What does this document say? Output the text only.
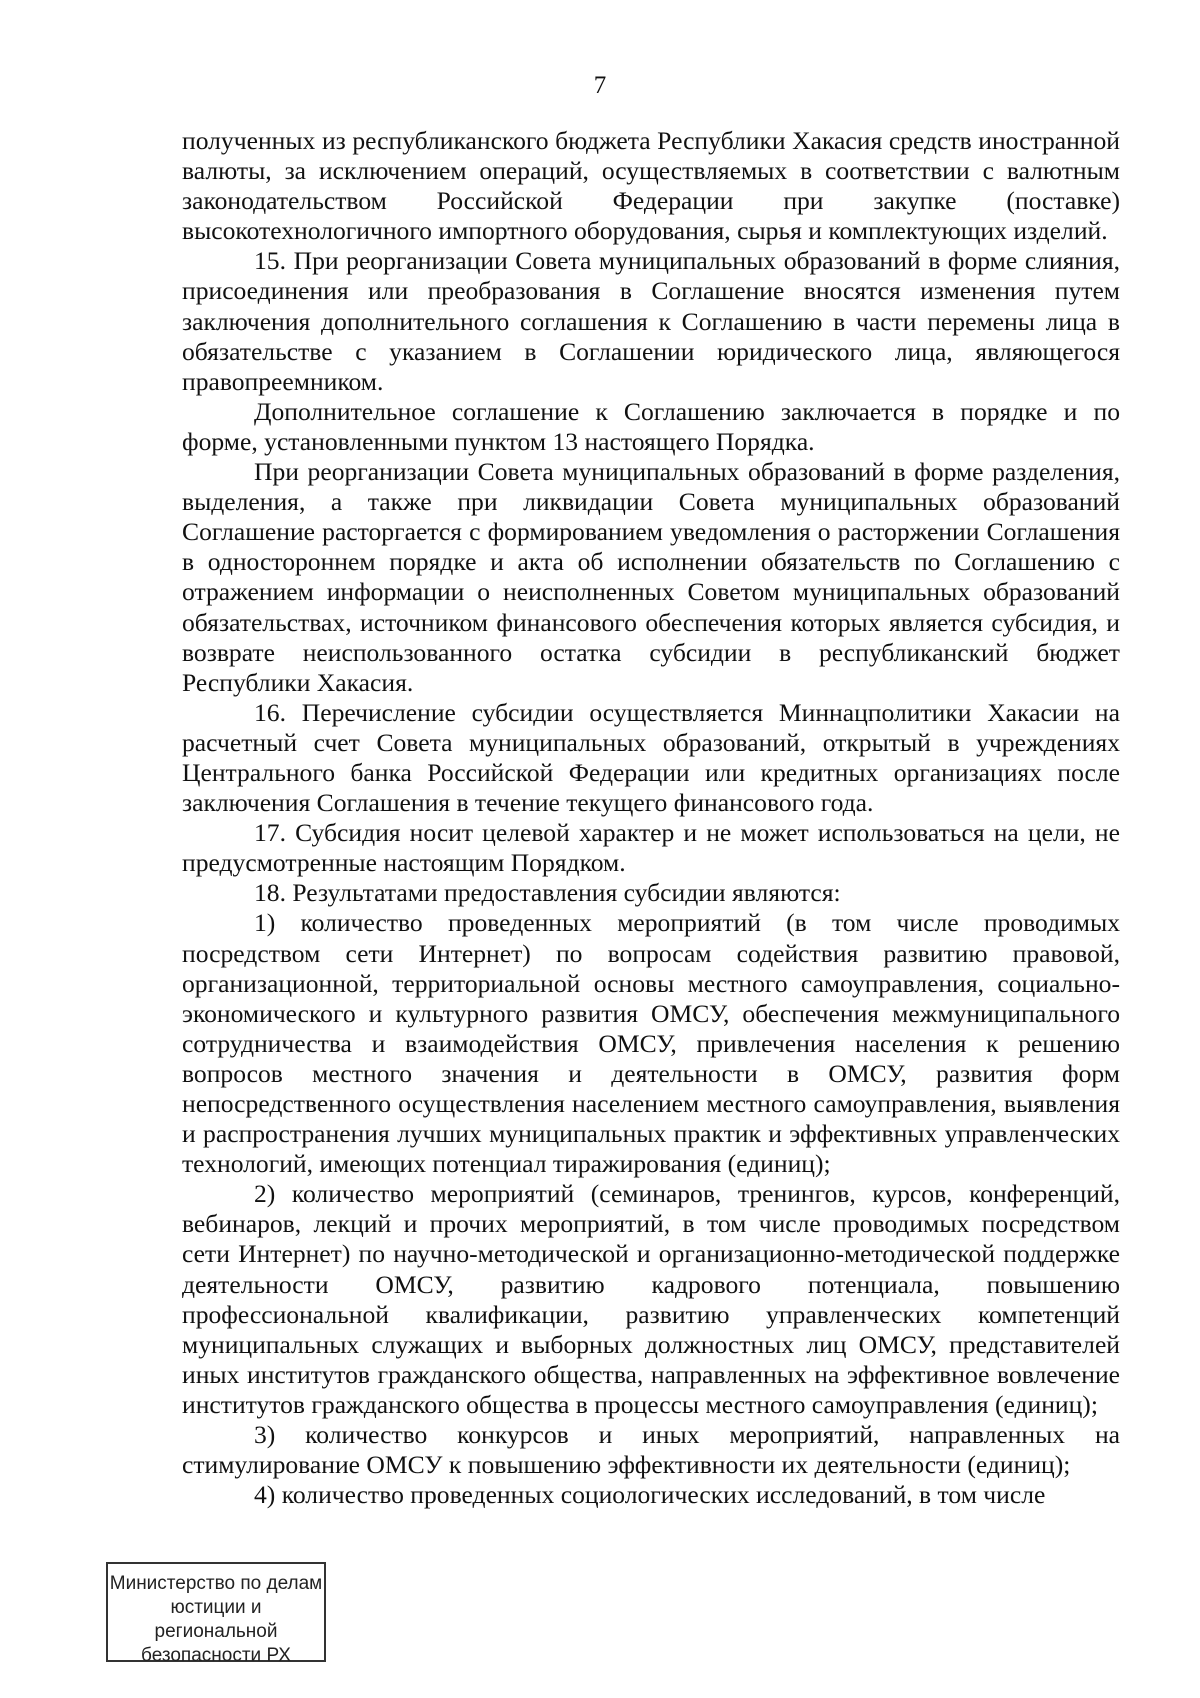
7

полученных из республиканского бюджета Республики Хакасия средств иностранной валюты, за исключением операций, осуществляемых в соответствии с валютным законодательством Российской Федерации при закупке (поставке) высокотехнологичного импортного оборудования, сырья и комплектующих изделий.

15. При реорганизации Совета муниципальных образований в форме слияния, присоединения или преобразования в Соглашение вносятся изменения путем заключения дополнительного соглашения к Соглашению в части перемены лица в обязательстве с указанием в Соглашении юридического лица, являющегося правопреемником.

Дополнительное соглашение к Соглашению заключается в порядке и по форме, установленными пунктом 13 настоящего Порядка.

При реорганизации Совета муниципальных образований в форме разделения, выделения, а также при ликвидации Совета муниципальных образований Соглашение расторгается с формированием уведомления о расторжении Соглашения в одностороннем порядке и акта об исполнении обязательств по Соглашению с отражением информации о неисполненных Советом муниципальных образований обязательствах, источником финансового обеспечения которых является субсидия, и возврате неиспользованного остатка субсидии в республиканский бюджет Республики Хакасия.

16. Перечисление субсидии осуществляется Миннацполитики Хакасии на расчетный счет Совета муниципальных образований, открытый в учреждениях Центрального банка Российской Федерации или кредитных организациях после заключения Соглашения в течение текущего финансового года.

17. Субсидия носит целевой характер и не может использоваться на цели, не предусмотренные настоящим Порядком.

18. Результатами предоставления субсидии являются:

1) количество проведенных мероприятий (в том числе проводимых посредством сети Интернет) по вопросам содействия развитию правовой, организационной, территориальной основы местного самоуправления, социально-экономического и культурного развития ОМСУ, обеспечения межмуниципального сотрудничества и взаимодействия ОМСУ, привлечения населения к решению вопросов местного значения и деятельности в ОМСУ, развития форм непосредственного осуществления населением местного самоуправления, выявления и распространения лучших муниципальных практик и эффективных управленческих технологий, имеющих потенциал тиражирования (единиц);

2) количество мероприятий (семинаров, тренингов, курсов, конференций, вебинаров, лекций и прочих мероприятий, в том числе проводимых посредством сети Интернет) по научно-методической и организационно-методической поддержке деятельности ОМСУ, развитию кадрового потенциала, повышению профессиональной квалификации, развитию управленческих компетенций муниципальных служащих и выборных должностных лиц ОМСУ, представителей иных институтов гражданского общества, направленных на эффективное вовлечение институтов гражданского общества в процессы местного самоуправления (единиц);

3) количество конкурсов и иных мероприятий, направленных на стимулирование ОМСУ к повышению эффективности их деятельности (единиц);

4) количество проведенных социологических исследований, в том числе

Министерство по делам
юстиции и региональной
безопасности РХ
